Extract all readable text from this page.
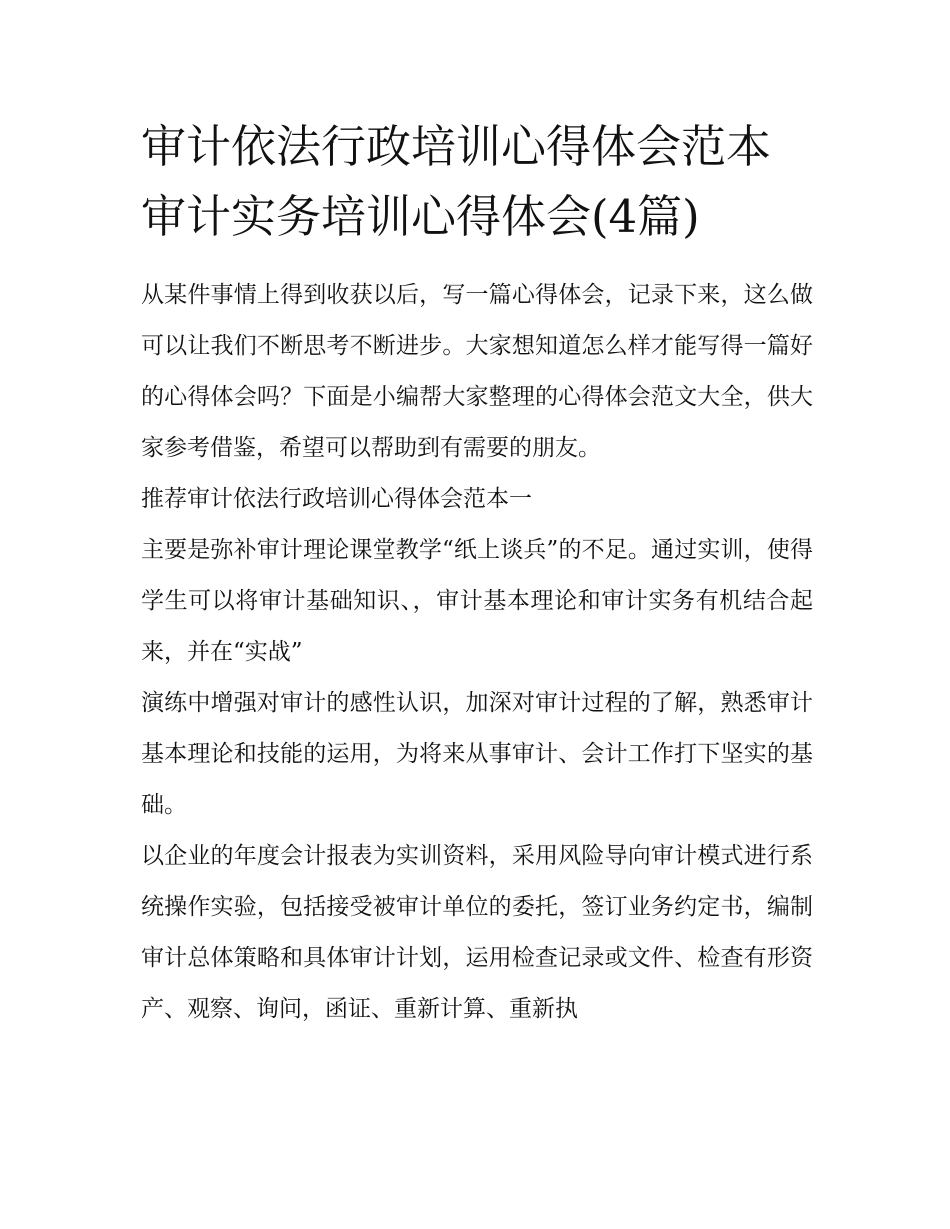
审计依法行政培训心得体会范本 审计实务培训心得体会(4篇)

从某件事情上得到收获以后，写一篇心得体会，记录下来，这么做可以让我们不断思考不断进步。大家想知道怎么样才能写得一篇好的心得体会吗？下面是小编帮大家整理的心得体会范文大全，供大家参考借鉴，希望可以帮助到有需要的朋友。

推荐审计依法行政培训心得体会范本一

主要是弥补审计理论课堂教学“纸上谈兵”的不足。通过实训，使得学生可以将审计基础知识、，审计基本理论和审计实务有机结合起来，并在“实战”

演练中增强对审计的感性认识，加深对审计过程的了解，熟悉审计基本理论和技能的运用，为将来从事审计、会计工作打下坚实的基础。

以企业的年度会计报表为实训资料，采用风险导向审计模式进行系统操作实验，包括接受被审计单位的委托，签订业务约定书，编制审计总体策略和具体审计计划，运用检查记录或文件、检查有形资产、观察、询问，函证、重新计算、重新执
